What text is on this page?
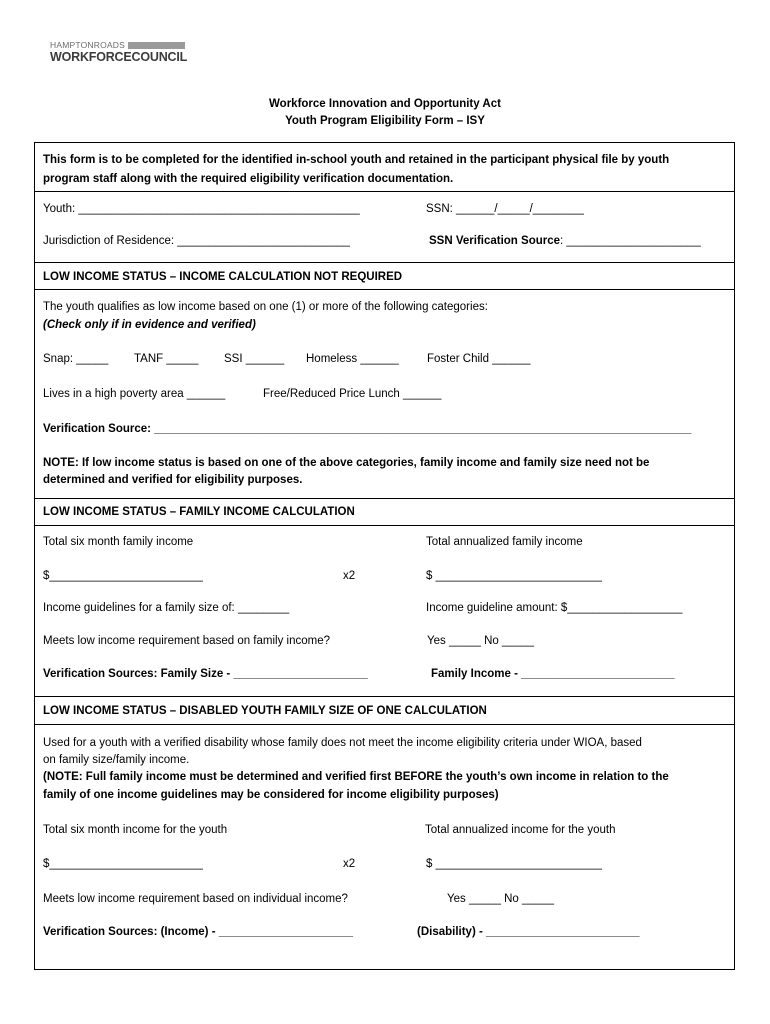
HAMPTONROADS
WORKFORCECOUNCIL
Workforce Innovation and Opportunity Act
Youth Program Eligibility Form – ISY
This form is to be completed for the identified in-school youth and retained in the participant physical file by youth
program staff along with the required eligibility verification documentation.
Youth: ____________________________________________	SSN: ______/_____/________
Jurisdiction of Residence: ___________________________	SSN Verification Source: _____________________
LOW INCOME STATUS – INCOME CALCULATION NOT REQUIRED
The youth qualifies as low income based on one (1) or more of the following categories:
(Check only if in evidence and verified)
Snap: _____ TANF _____ SSI ______ Homeless ______ Foster Child ______
Lives in a high poverty area ______	Free/Reduced Price Lunch ______
Verification Source: ____________________________________________________________________________________
NOTE: If low income status is based on one of the above categories, family income and family size need not be
determined and verified for eligibility purposes.
LOW INCOME STATUS – FAMILY INCOME CALCULATION
Total six month family income	Total annualized family income
$________________________	x2	$ __________________________
Income guidelines for a family size of: ________	Income guideline amount: $__________________
Meets low income requirement based on family income?	Yes _____ No _____
Verification Sources: Family Size - _____________________	Family Income - ________________________
LOW INCOME STATUS – DISABLED YOUTH FAMILY SIZE OF ONE CALCULATION
Used for a youth with a verified disability whose family does not meet the income eligibility criteria under WIOA, based
on family size/family income.
(NOTE: Full family income must be determined and verified first BEFORE the youth’s own income in relation to the
family of one income guidelines may be considered for income eligibility purposes)
Total six month income for the youth	Total annualized income for the youth
$________________________	x2	$ __________________________
Meets low income requirement based on individual income?	Yes _____ No _____
Verification Sources: (Income) - _____________________	(Disability) - ________________________
